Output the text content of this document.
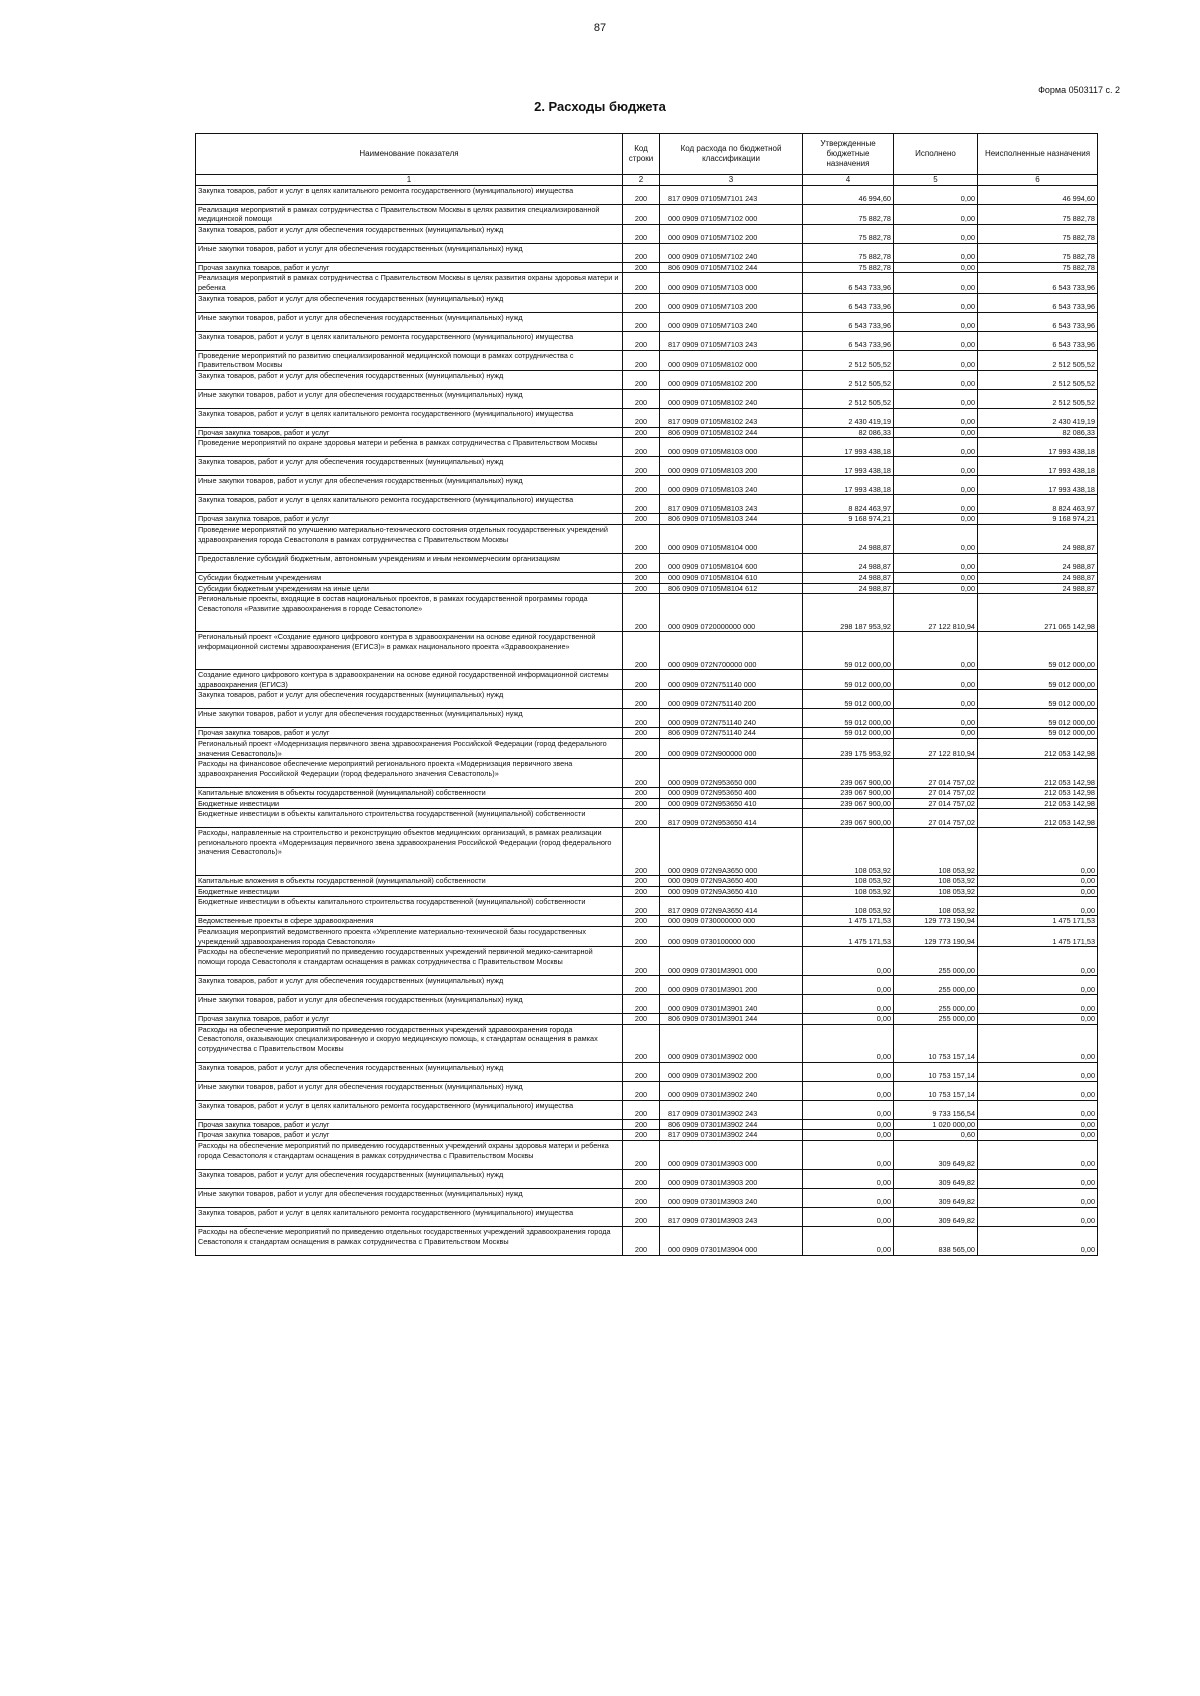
87
Форма 0503117 с. 2
2. Расходы бюджета
Наименование показателя	Код строки	Код расхода по бюджетной классификации	Утвержденные бюджетные назначения	Исполнено	Неисполненные назначения
1	2	3	4	5	6
Закупка товаров, работ и услуг в целях капитального ремонта государственного (муниципального) имущества	200	817 0909 07105М7101 243	46 994,60	0,00	46 994,60
Реализация мероприятий в рамках сотрудничества с Правительством Москвы в целях развития специализированной медицинской помощи	200	000 0909 07105М7102 000	75 882,78	0,00	75 882,78
Закупка товаров, работ и услуг для обеспечения государственных (муниципальных) нужд	200	000 0909 07105М7102 200	75 882,78	0,00	75 882,78
Иные закупки товаров, работ и услуг для обеспечения государственных (муниципальных) нужд	200	000 0909 07105М7102 240	75 882,78	0,00	75 882,78
Прочая закупка товаров, работ и услуг	200	806 0909 07105М7102 244	75 882,78	0,00	75 882,78
Реализация мероприятий в рамках сотрудничества с Правительством Москвы в целях развития охраны здоровья матери и ребенка	200	000 0909 07105М7103 000	6 543 733,96	0,00	6 543 733,96
Закупка товаров, работ и услуг для обеспечения государственных (муниципальных) нужд	200	000 0909 07105М7103 200	6 543 733,96	0,00	6 543 733,96
Иные закупки товаров, работ и услуг для обеспечения государственных (муниципальных) нужд	200	000 0909 07105М7103 240	6 543 733,96	0,00	6 543 733,96
Закупка товаров, работ и услуг в целях капитального ремонта государственного (муниципального) имущества	200	817 0909 07105М7103 243	6 543 733,96	0,00	6 543 733,96
Проведение мероприятий по развитию специализированной медицинской помощи в рамках сотрудничества с Правительством Москвы	200	000 0909 07105М8102 000	2 512 505,52	0,00	2 512 505,52
Закупка товаров, работ и услуг для обеспечения государственных (муниципальных) нужд	200	000 0909 07105М8102 200	2 512 505,52	0,00	2 512 505,52
Иные закупки товаров, работ и услуг для обеспечения государственных (муниципальных) нужд	200	000 0909 07105М8102 240	2 512 505,52	0,00	2 512 505,52
Закупка товаров, работ и услуг в целях капитального ремонта государственного (муниципального) имущества	200	817 0909 07105М8102 243	2 430 419,19	0,00	2 430 419,19
Прочая закупка товаров, работ и услуг	200	806 0909 07105М8102 244	82 086,33	0,00	82 086,33
Проведение мероприятий по охране здоровья матери и ребенка в рамках сотрудничества с Правительством Москвы	200	000 0909 07105М8103 000	17 993 438,18	0,00	17 993 438,18
Закупка товаров, работ и услуг для обеспечения государственных (муниципальных) нужд	200	000 0909 07105М8103 200	17 993 438,18	0,00	17 993 438,18
Иные закупки товаров, работ и услуг для обеспечения государственных (муниципальных) нужд	200	000 0909 07105М8103 240	17 993 438,18	0,00	17 993 438,18
Закупка товаров, работ и услуг в целях капитального ремонта государственного (муниципального) имущества	200	817 0909 07105М8103 243	8 824 463,97	0,00	8 824 463,97
Прочая закупка товаров, работ и услуг	200	806 0909 07105М8103 244	9 168 974,21	0,00	9 168 974,21
Проведение мероприятий по улучшению материально-технического состояния отдельных государственных учреждений здравоохранения города Севастополя в рамках сотрудничества с Правительством Москвы	200	000 0909 07105М8104 000	24 988,87	0,00	24 988,87
Предоставление субсидий бюджетным, автономным учреждениям и иным некоммерческим организациям	200	000 0909 07105М8104 600	24 988,87	0,00	24 988,87
Субсидии бюджетным учреждениям	200	000 0909 07105М8104 610	24 988,87	0,00	24 988,87
Субсидии бюджетным учреждениям на иные цели	200	806 0909 07105М8104 612	24 988,87	0,00	24 988,87
Региональные проекты, входящие в состав национальных проектов, в рамках государственной программы города Севастополя «Развитие здравоохранения в городе Севастополе»	200	000 0909 0720000000 000	298 187 953,92	27 122 810,94	271 065 142,98
Региональный проект «Создание единого цифрового контура в здравоохранении на основе единой государственной информационной системы здравоохранения (ЕГИСЗ)» в рамках национального проекта «Здравоохранение»	200	000 0909 072N700000 000	59 012 000,00	0,00	59 012 000,00
Создание единого цифрового контура в здравоохранении на основе единой государственной информационной системы здравоохранения (ЕГИСЗ)	200	000 0909 072N751140 000	59 012 000,00	0,00	59 012 000,00
Закупка товаров, работ и услуг для обеспечения государственных (муниципальных) нужд	200	000 0909 072N751140 200	59 012 000,00	0,00	59 012 000,00
Иные закупки товаров, работ и услуг для обеспечения государственных (муниципальных) нужд	200	000 0909 072N751140 240	59 012 000,00	0,00	59 012 000,00
Прочая закупка товаров, работ и услуг	200	806 0909 072N751140 244	59 012 000,00	0,00	59 012 000,00
Региональный проект «Модернизация первичного звена здравоохранения Российской Федерации (город федерального значения Севастополь)»	200	000 0909 072N900000 000	239 175 953,92	27 122 810,94	212 053 142,98
Расходы на финансовое обеспечение мероприятий регионального проекта «Модернизация первичного звена здравоохранения Российской Федерации (город федерального значения Севастополь)»	200	000 0909 072N953650 000	239 067 900,00	27 014 757,02	212 053 142,98
Капитальные вложения в объекты государственной (муниципальной) собственности	200	000 0909 072N953650 400	239 067 900,00	27 014 757,02	212 053 142,98
Бюджетные инвестиции	200	000 0909 072N953650 410	239 067 900,00	27 014 757,02	212 053 142,98
Бюджетные инвестиции в объекты капитального строительства государственной (муниципальной) собственности	200	817 0909 072N953650 414	239 067 900,00	27 014 757,02	212 053 142,98
Расходы, направленные на строительство и реконструкцию объектов медицинских организаций, в рамках реализации регионального проекта «Модернизация первичного звена здравоохранения Российской Федерации (город федерального значения Севастополь)»	200	000 0909 072N9А3650 000	108 053,92	108 053,92	0,00
Капитальные вложения в объекты государственной (муниципальной) собственности	200	000 0909 072N9А3650 400	108 053,92	108 053,92	0,00
Бюджетные инвестиции	200	000 0909 072N9А3650 410	108 053,92	108 053,92	0,00
Бюджетные инвестиции в объекты капитального строительства государственной (муниципальной) собственности	200	817 0909 072N9А3650 414	108 053,92	108 053,92	0,00
Ведомственные проекты в сфере здравоохранения	200	000 0909 0730000000 000	1 475 171,53	129 773 190,94	1 475 171,53
Реализация мероприятий ведомственного проекта «Укрепление материально-технической базы государственных учреждений здравоохранения города Севастополя»	200	000 0909 0730100000 000	1 475 171,53	129 773 190,94	1 475 171,53
Расходы на обеспечение мероприятий по приведению государственных учреждений первичной медико-санитарной помощи города Севастополя к стандартам оснащения в рамках сотрудничества с Правительством Москвы	200	000 0909 07301М3901 000	0,00	255 000,00	0,00
Закупка товаров, работ и услуг для обеспечения государственных (муниципальных) нужд	200	000 0909 07301М3901 200	0,00	255 000,00	0,00
Иные закупки товаров, работ и услуг для обеспечения государственных (муниципальных) нужд	200	000 0909 07301М3901 240	0,00	255 000,00	0,00
Прочая закупка товаров, работ и услуг	200	806 0909 07301М3901 244	0,00	255 000,00	0,00
Расходы на обеспечение мероприятий по приведению государственных учреждений здравоохранения города Севастополя, оказывающих специализированную и скорую медицинскую помощь, к стандартам оснащения в рамках сотрудничества с Правительством Москвы	200	000 0909 07301М3902 000	0,00	10 753 157,14	0,00
Закупка товаров, работ и услуг для обеспечения государственных (муниципальных) нужд	200	000 0909 07301М3902 200	0,00	10 753 157,14	0,00
Иные закупки товаров, работ и услуг для обеспечения государственных (муниципальных) нужд	200	000 0909 07301М3902 240	0,00	10 753 157,14	0,00
Закупка товаров, работ и услуг в целях капитального ремонта государственного (муниципального) имущества	200	817 0909 07301М3902 243	0,00	9 733 156,54	0,00
Прочая закупка товаров, работ и услуг	200	806 0909 07301М3902 244	0,00	1 020 000,00	0,00
Прочая закупка товаров, работ и услуг	200	817 0909 07301М3902 244	0,00	0,60	0,00
Расходы на обеспечение мероприятий по приведению государственных учреждений охраны здоровья матери и ребенка города Севастополя к стандартам оснащения в рамках сотрудничества с Правительством Москвы	200	000 0909 07301М3903 000	0,00	309 649,82	0,00
Закупка товаров, работ и услуг для обеспечения государственных (муниципальных) нужд	200	000 0909 07301М3903 200	0,00	309 649,82	0,00
Иные закупки товаров, работ и услуг для обеспечения государственных (муниципальных) нужд	200	000 0909 07301М3903 240	0,00	309 649,82	0,00
Закупка товаров, работ и услуг в целях капитального ремонта государственного (муниципального) имущества	200	817 0909 07301М3903 243	0,00	309 649,82	0,00
Расходы на обеспечение мероприятий по приведению отдельных государственных учреждений здравоохранения города Севастополя к стандартам оснащения в рамках сотрудничества с Правительством Москвы	200	000 0909 07301М3904 000	0,00	838 565,00	0,00
